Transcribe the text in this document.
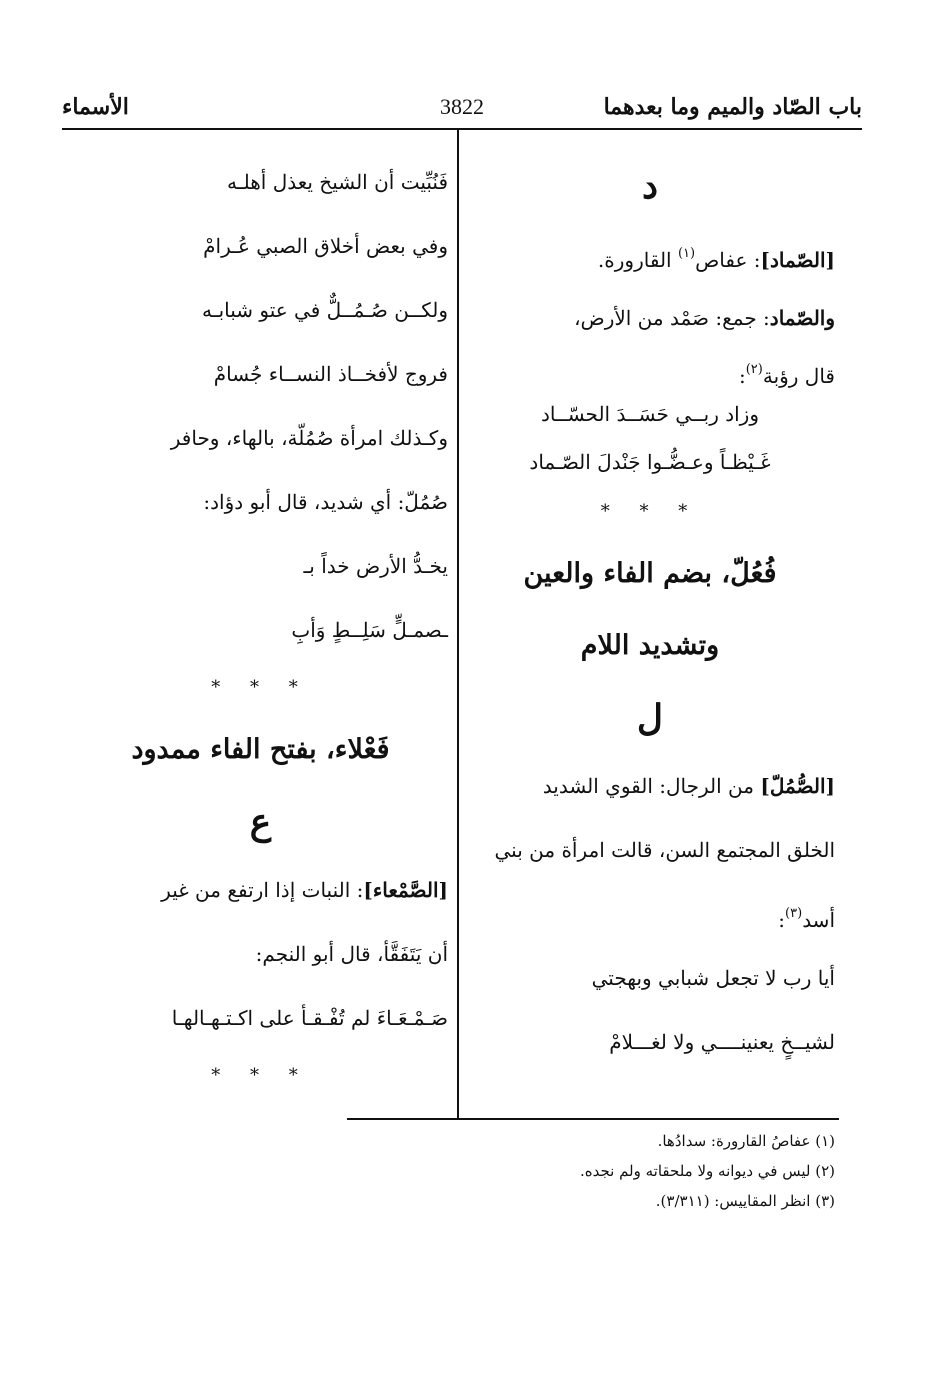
باب الصّاد والميم وما بعدهما
3822
الأسماء
د
[الصّماد]: عفاص$^{(١)}$ القارورة.
والصّماد: جمع: صَمْد من الأرض،
قال رؤبة$^{(٢)}$:
وزاد ربــي حَسَــدَ الحسّــاد
غَـيْظـاً وعـضُّـوا جَنْدلَ الصّـماد
* * *
فُعُلّ، بضم الفاء والعين
وتشديد اللام
ل
[الصُّمُلّ] من الرجال: القوي الشديد
الخلق المجتمع السن، قالت امرأة من بني
أسد$^{(٣)}$:
أيا رب لا تجعل شبابي وبهجتي
لشيــخٍ يعنينــــي ولا لغـــلامْ
فَنُبِّيت أن الشيخ يعذل أهلـه
وفي بعض أخلاق الصبي عُـرامْ
ولكــن صُـمُــلٌّ في عتو شبابـه
فروج لأفخــاذ النســاء جُسامْ
وكـذلك امرأة صُمُلّة، بالهاء، وحافر
صُمُلّ: أي شديد، قال أبو دؤاد:
يخـدُّ الأرض خداً بـ
ـصمـلٍّ سَلِــطٍ وَأبِ
* * *
فَعْلاء، بفتح الفاء ممدود
ع
[الصَّمْعاء]: النبات إذا ارتفع من غير
أن يَتَفَقَّأ، قال أبو النجم:
صَـمْـعَـاءَ لم تُفْـقـأ على اكـتـهـالهـا
* * *
(١) عفاصُ القارورة: سدادُها.
(٢) ليس في ديوانه ولا ملحقاته ولم نجده.
(٣) انظر المقاييس: (٣/٣١١).
